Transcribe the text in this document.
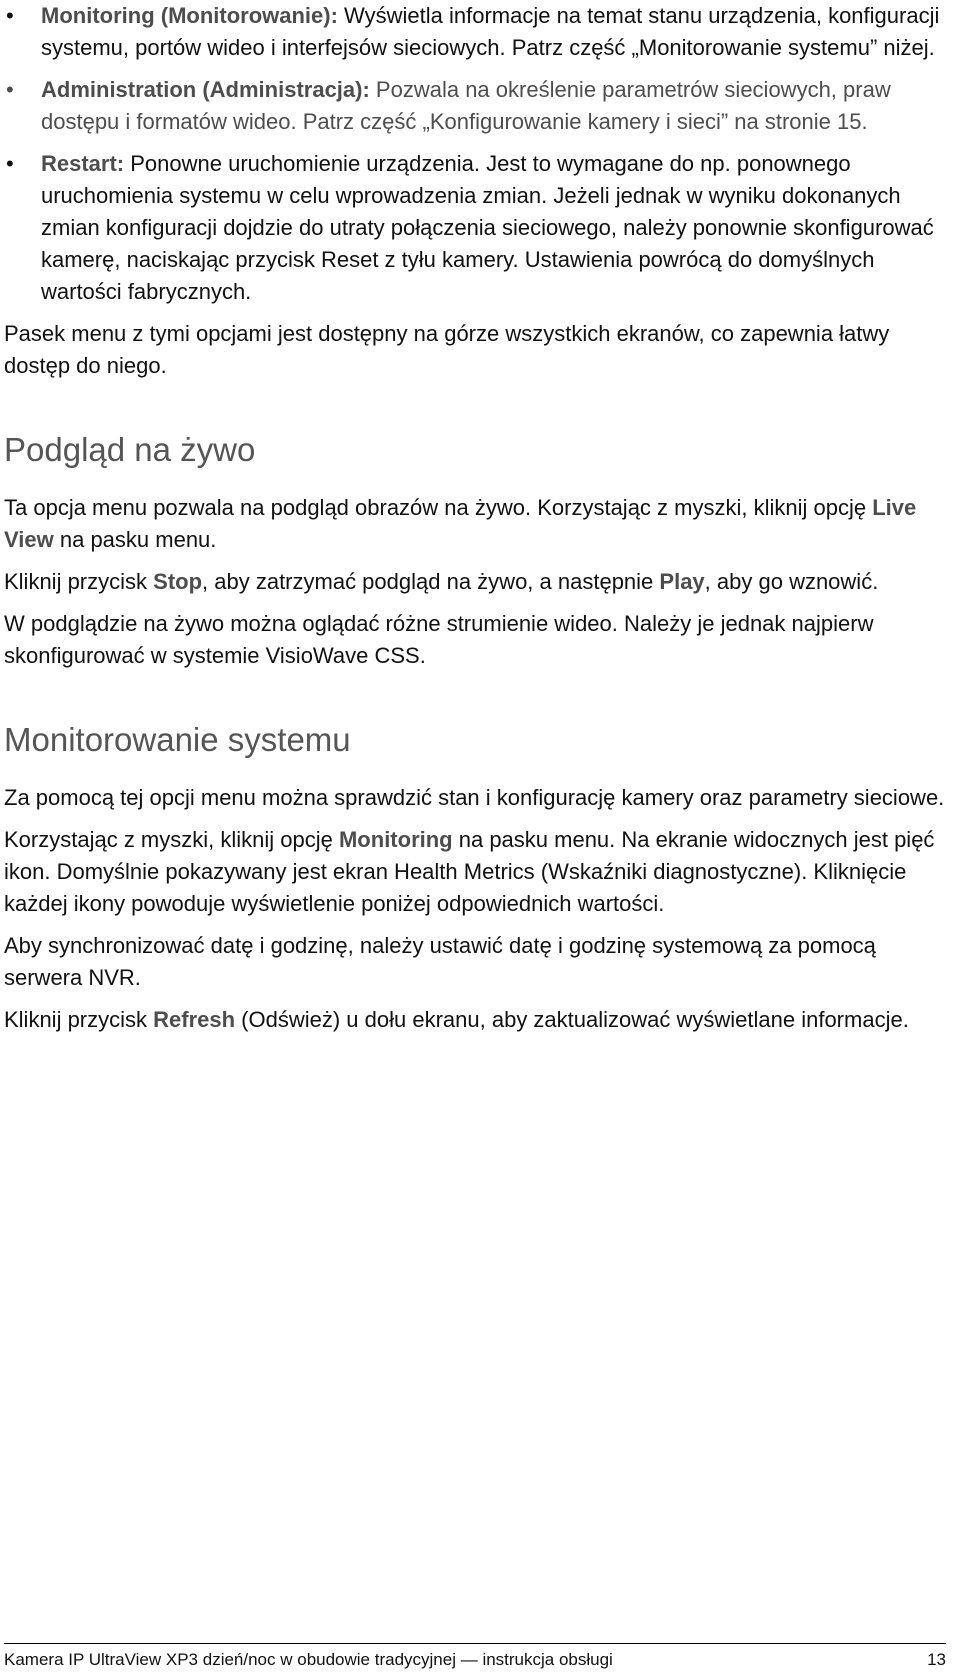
• Monitoring (Monitorowanie): Wyświetla informacje na temat stanu urządzenia, konfiguracji systemu, portów wideo i interfejsów sieciowych. Patrz część „Monitorowanie systemu” niżej.
• Administration (Administracja): Pozwala na określenie parametrów sieciowych, praw dostępu i formatów wideo. Patrz część „Konfigurowanie kamery i sieci” na stronie 15.
• Restart: Ponowne uruchomienie urządzenia. Jest to wymagane do np. ponownego uruchomienia systemu w celu wprowadzenia zmian. Jeżeli jednak w wyniku dokonanych zmian konfiguracji dojdzie do utraty połączenia sieciowego, należy ponownie skonfigurować kamerę, naciskając przycisk Reset z tyłu kamery. Ustawienia powrócą do domyślnych wartości fabrycznych.

Pasek menu z tymi opcjami jest dostępny na górze wszystkich ekranów, co zapewnia łatwy dostęp do niego.

Podgląd na żywo

Ta opcja menu pozwala na podgląd obrazów na żywo. Korzystając z myszki, kliknij opcję Live View na pasku menu.

Kliknij przycisk Stop, aby zatrzymać podgląd na żywo, a następnie Play, aby go wznowić.

W podglądzie na żywo można oglądać różne strumienie wideo. Należy je jednak najpierw skonfigurować w systemie VisioWave CSS.

Monitorowanie systemu

Za pomocą tej opcji menu można sprawdzić stan i konfigurację kamery oraz parametry sieciowe.

Korzystając z myszki, kliknij opcję Monitoring na pasku menu. Na ekranie widocznych jest pięć ikon. Domyślnie pokazywany jest ekran Health Metrics (Wskaźniki diagnostyczne). Kliknięcie każdej ikony powoduje wyświetlenie poniżej odpowiednich wartości.

Aby synchronizować datę i godzinę, należy ustawić datę i godzinę systemową za pomocą serwera NVR.

Kliknij przycisk Refresh (Odśwież) u dołu ekranu, aby zaktualizować wyświetlane informacje.

Kamera IP UltraView XP3 dzień/noc w obudowie tradycyjnej — instrukcja obsługi	13
